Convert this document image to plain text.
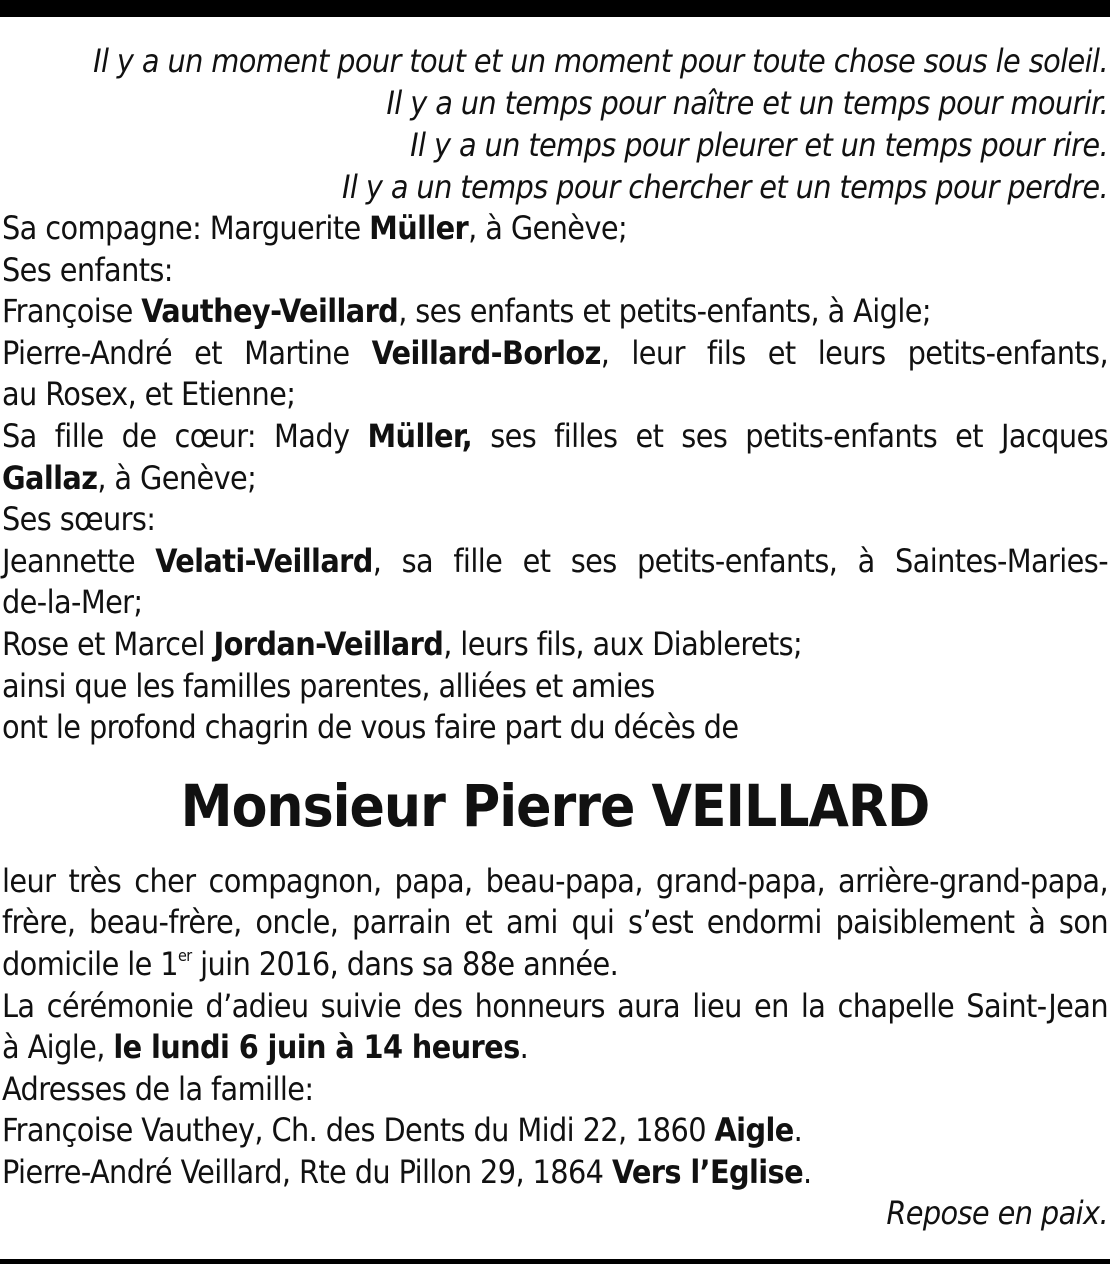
Il y a un moment pour tout et un moment pour toute chose sous le soleil.
Il y a un temps pour naître et un temps pour mourir.
Il y a un temps pour pleurer et un temps pour rire.
Il y a un temps pour chercher et un temps pour perdre.
Sa compagne: Marguerite Müller, à Genève;
Ses enfants:
Françoise Vauthey-Veillard, ses enfants et petits-enfants, à Aigle;
Pierre-André et Martine Veillard-Borloz, leur fils et leurs petits-enfants,
au Rosex, et Etienne;
Sa fille de cœur: Mady Müller, ses filles et ses petits-enfants et Jacques
Gallaz, à Genève;
Ses sœurs:
Jeannette Velati-Veillard, sa fille et ses petits-enfants, à Saintes-Maries-
de-la-Mer;
Rose et Marcel Jordan-Veillard, leurs fils, aux Diablerets;
ainsi que les familles parentes, alliées et amies
ont le profond chagrin de vous faire part du décès de
Monsieur Pierre VEILLARD
leur très cher compagnon, papa, beau-papa, grand-papa, arrière-grand-papa,
frère, beau-frère, oncle, parrain et ami qui s’est endormi paisiblement à son
domicile le 1er juin 2016, dans sa 88e année.
La cérémonie d’adieu suivie des honneurs aura lieu en la chapelle Saint-Jean
à Aigle, le lundi 6 juin à 14 heures.
Adresses de la famille:
Françoise Vauthey, Ch. des Dents du Midi 22, 1860 Aigle.
Pierre-André Veillard, Rte du Pillon 29, 1864 Vers l’Eglise.
Repose en paix.
